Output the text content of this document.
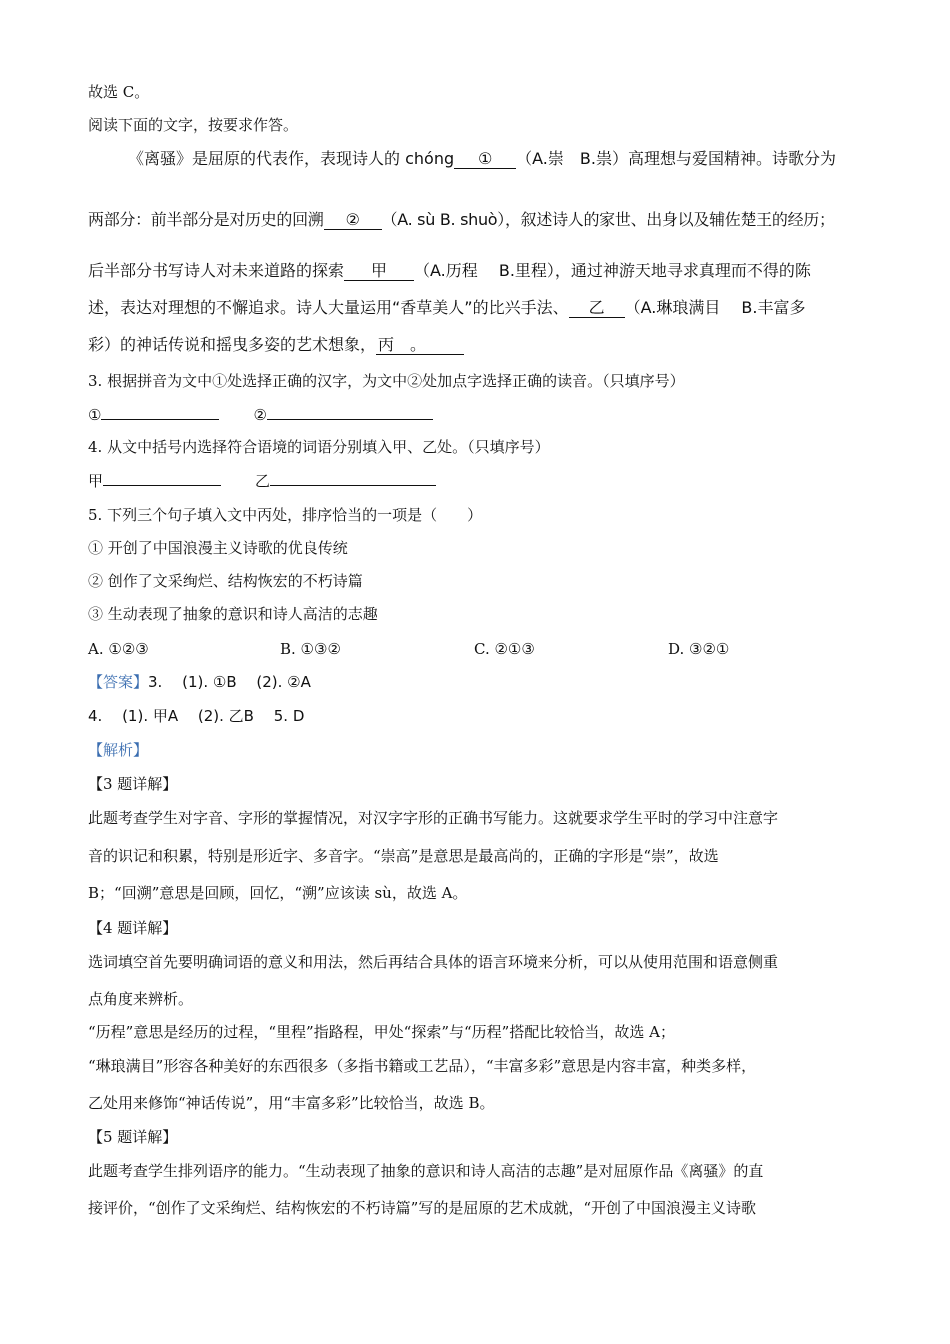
故选 C。
阅读下面的文字，按要求作答。
《离骚》是屈原的代表作，表现诗人的 chóng ① （A.崇　B.祟）高理想与爱国精神。诗歌分为
两部分：前半部分是对历史的回溯 ② （A. sù B. shuò），叙述诗人的家世、出身以及辅佐楚王的经历；
后半部分书写诗人对未来道路的探索 甲 （A.历程　 B.里程），通过神游天地寻求真理而不得的陈
述，表达对理想的不懈追求。诗人大量运用“香草美人”的比兴手法、 乙 （A.琳琅满目　 B.丰富多
彩）的神话传说和摇曳多姿的艺术想象， 丙　。
3. 根据拼音为文中①处选择正确的汉字，为文中②处加点字选择正确的读音。（只填序号）
①	②
4. 从文中括号内选择符合语境的词语分别填入甲、乙处。（只填序号）
甲	乙
5. 下列三个句子填入文中丙处，排序恰当的一项是（　　）
① 开创了中国浪漫主义诗歌的优良传统
② 创作了文采绚烂、结构恢宏的不朽诗篇
③ 生动表现了抽象的意识和诗人高洁的志趣
A. ①②③	B. ①③②	C. ②①③	D. ③②①
【答案】3.　 (1). ①B　 (2). ②A
4.　 (1). 甲A　 (2). 乙B　 5. D
【解析】
【3 题详解】
此题考查学生对字音、字形的掌握情况，对汉字字形的正确书写能力。这就要求学生平时的学习中注意字
音的识记和积累，特别是形近字、多音字。“崇高”是意思是最高尚的，正确的字形是“崇”，故选
B；“回溯”意思是回顾，回忆，“溯”应该读 sù，故选 A。
【4 题详解】
选词填空首先要明确词语的意义和用法，然后再结合具体的语言环境来分析，可以从使用范围和语意侧重
点角度来辨析。
“历程”意思是经历的过程，“里程”指路程，甲处“探索”与“历程”搭配比较恰当，故选 A；
“琳琅满目”形容各种美好的东西很多（多指书籍或工艺品），“丰富多彩”意思是内容丰富，种类多样，
乙处用来修饰“神话传说”，用“丰富多彩”比较恰当，故选 B。
【5 题详解】
此题考查学生排列语序的能力。“生动表现了抽象的意识和诗人高洁的志趣”是对屈原作品《离骚》的直
接评价，“创作了文采绚烂、结构恢宏的不朽诗篇”写的是屈原的艺术成就，“开创了中国浪漫主义诗歌
